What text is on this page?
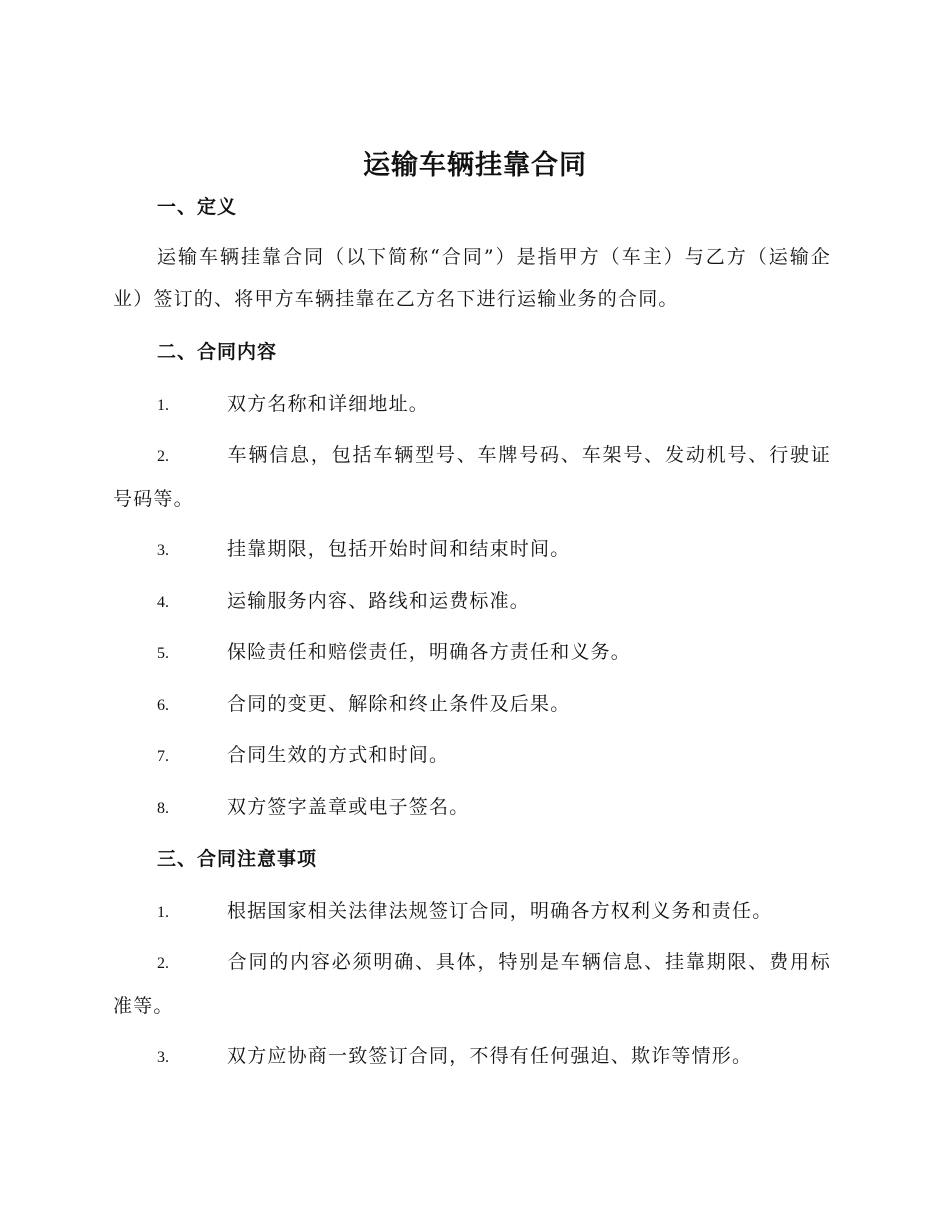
运输车辆挂靠合同
一、定义

运输车辆挂靠合同（以下简称“合同”）是指甲方（车主）与乙方（运输企业）签订的、将甲方车辆挂靠在乙方名下进行运输业务的合同。

二、合同内容

1.	双方名称和详细地址。

2.	车辆信息，包括车辆型号、车牌号码、车架号、发动机号、行驶证号码等。

3.	挂靠期限，包括开始时间和结束时间。

4.	运输服务内容、路线和运费标准。

5.	保险责任和赔偿责任，明确各方责任和义务。

6.	合同的变更、解除和终止条件及后果。

7.	合同生效的方式和时间。

8.	双方签字盖章或电子签名。

三、合同注意事项

1.	根据国家相关法律法规签订合同，明确各方权利义务和责任。

2.	合同的内容必须明确、具体，特别是车辆信息、挂靠期限、费用标准等。

3.	双方应协商一致签订合同，不得有任何强迫、欺诈等情形。
